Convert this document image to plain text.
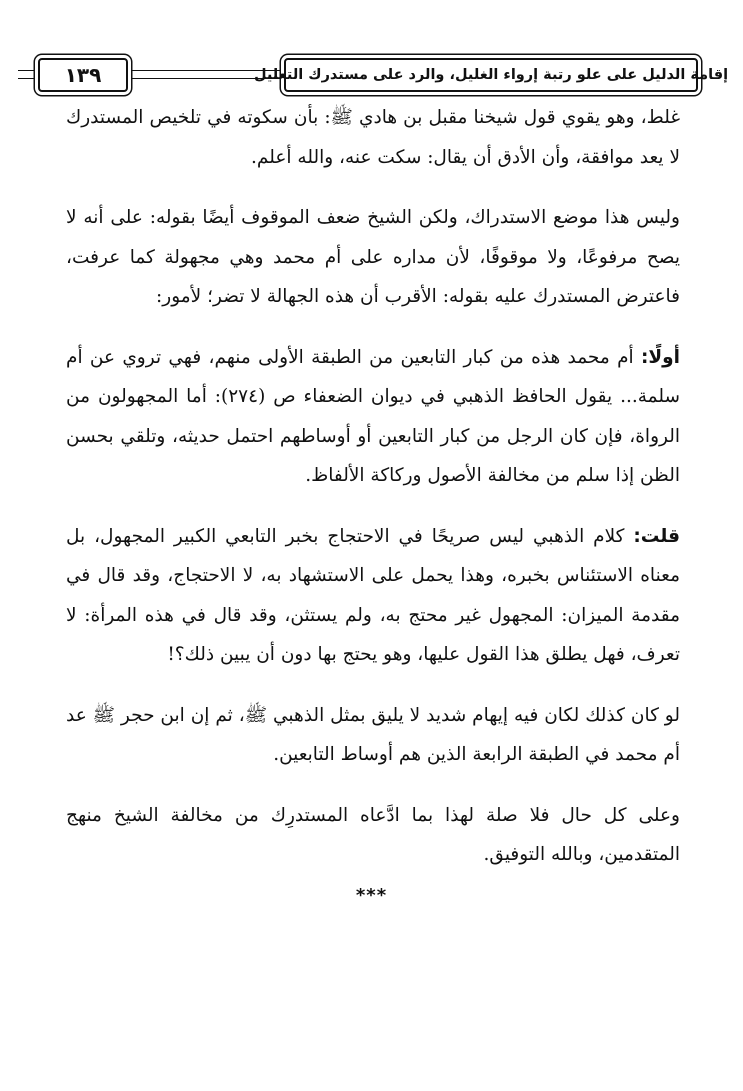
١٣٩	إقامة الدليل على علو رتبة إرواء الغليل، والرد على مستدرك التعليل

غلط، وهو يقوي قول شيخنا مقبل بن هادي ﷺ: بأن سكوته في تلخيص المستدرك لا يعد موافقة، وأن الأدق أن يقال: سكت عنه، والله أعلم.

وليس هذا موضع الاستدراك، ولكن الشيخ ضعف الموقوف أيضًا بقوله: على أنه لا يصح مرفوعًا، ولا موقوفًا، لأن مداره على أم محمد وهي مجهولة كما عرفت، فاعترض المستدرك عليه بقوله: الأقرب أن هذه الجهالة لا تضر؛ لأمور:

أولًا: أم محمد هذه من كبار التابعين من الطبقة الأولى منهم، فهي تروي عن أم سلمة... يقول الحافظ الذهبي في ديوان الضعفاء ص (٢٧٤): أما المجهولون من الرواة، فإن كان الرجل من كبار التابعين أو أوساطهم احتمل حديثه، وتلقي بحسن الظن إذا سلم من مخالفة الأصول وركاكة الألفاظ.

قلت: كلام الذهبي ليس صريحًا في الاحتجاج بخبر التابعي الكبير المجهول، بل معناه الاستئناس بخبره، وهذا يحمل على الاستشهاد به، لا الاحتجاج، وقد قال في مقدمة الميزان: المجهول غير محتج به، ولم يستثن، وقد قال في هذه المرأة: لا تعرف، فهل يطلق هذا القول عليها، وهو يحتج بها دون أن يبين ذلك؟!

لو كان كذلك لكان فيه إيهام شديد لا يليق بمثل الذهبي ﷺ، ثم إن ابن حجر ﷺ عد أم محمد في الطبقة الرابعة الذين هم أوساط التابعين.

وعلى كل حال فلا صلة لهذا بما ادَّعاه المستدرِك من مخالفة الشيخ منهج المتقدمين، وبالله التوفيق.

***
